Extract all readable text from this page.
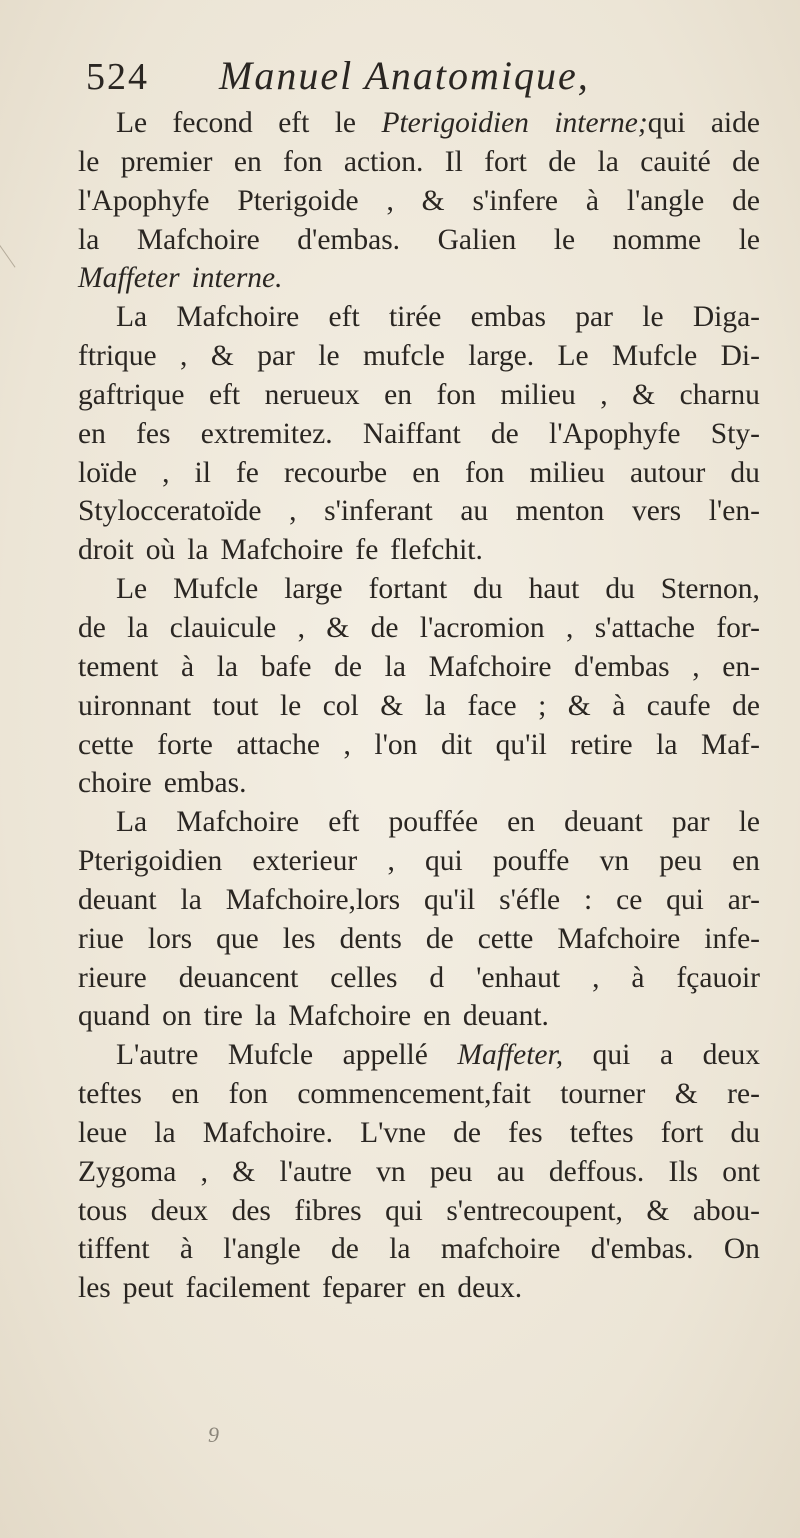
524 Manuel Anatomique,
Le fecond eft le Pterigoidien interne;qui aide
le premier en fon action. Il fort de la cauité de
l'Apophyfe Pterigoide , & s'infere à l'angle de
la Mafchoire d'embas. Galien le nomme le
Maffeter interne.
La Mafchoire eft tirée embas par le Diga-
ftrique , & par le mufcle large. Le Mufcle Di-
gaftrique eft nerueux en fon milieu , & charnu
en fes extremitez. Naiffant de l'Apophyfe Sty-
loïde , il fe recourbe en fon milieu autour du
Stylocceratoïde , s'inferant au menton vers l'en-
droit où la Mafchoire fe flefchit.
Le Mufcle large fortant du haut du Sternon,
de la clauicule , & de l'acromion , s'attache for-
tement à la bafe de la Mafchoire d'embas , en-
uironnant tout le col & la face ; & à caufe de
cette forte attache , l'on dit qu'il retire la Maf-
choire embas.
La Mafchoire eft pouffée en deuant par le
Pterigoidien exterieur , qui pouffe vn peu en
deuant la Mafchoire,lors qu'il s'éfle : ce qui ar-
riue lors que les dents de cette Mafchoire infe-
rieure deuancent celles d 'enhaut , à fçauoir
quand on tire la Mafchoire en deuant.
L'autre Mufcle appellé Maffeter, qui a deux
teftes en fon commencement,fait tourner & re-
leue la Mafchoire. L'vne de fes teftes fort du
Zygoma , & l'autre vn peu au deffous. Ils ont
tous deux des fibres qui s'entrecoupent, & abou-
tiffent à l'angle de la mafchoire d'embas. On
les peut facilement feparer en deux.
9
